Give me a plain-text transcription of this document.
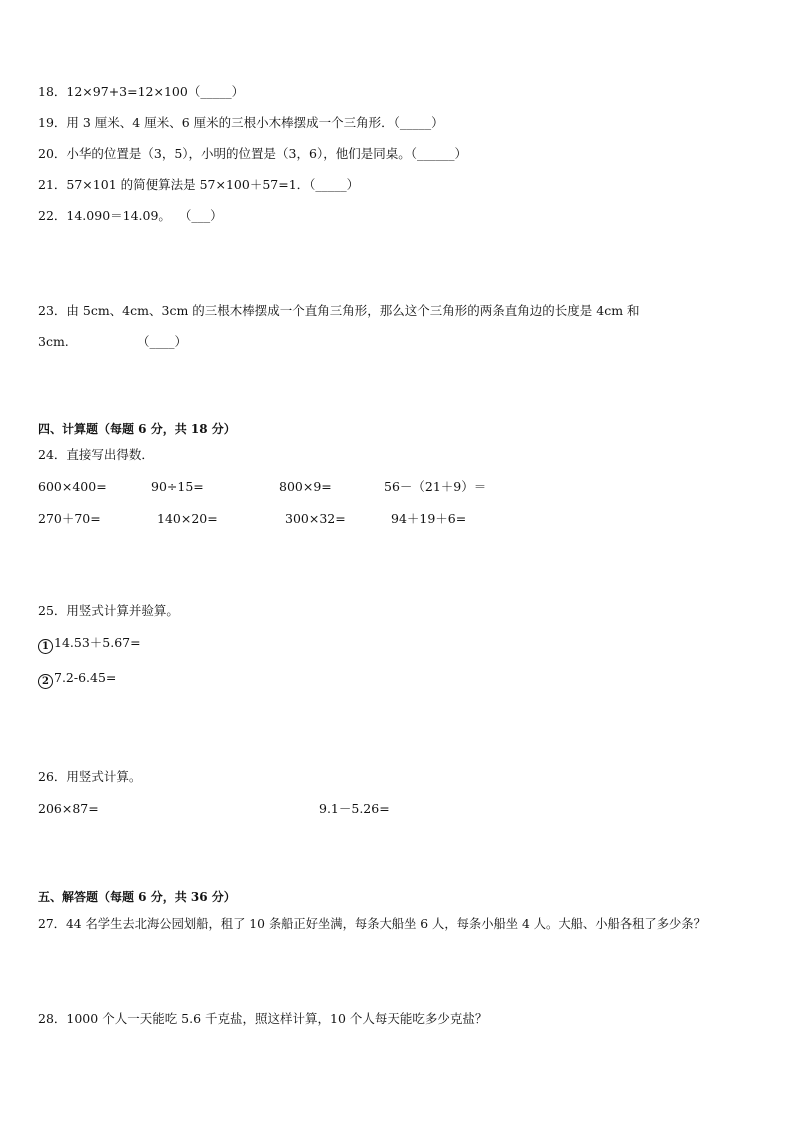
18．12×97+3=12×100（_____）
19．用 3 厘米、4 厘米、6 厘米的三根小木棒摆成一个三角形．（_____）
20．小华的位置是（3，5），小明的位置是（3，6），他们是同桌。（______）
21．57×101 的简便算法是 57×100＋57=1．（_____）
22．14.090＝14.09。  （___）
23．由 5cm、4cm、3cm 的三根木棒摆成一个直角三角形，那么这个三角形的两条直角边的长度是 4cm 和
3cm.	（____）
四、计算题（每题 6 分，共 18 分）
24．直接写出得数．
600×400=	90÷15=	800×9=	56－（21＋9）＝
270＋70=	140×20=	300×32=	94＋19＋6=
25．用竖式计算并验算。
1 14.53＋5.67=
2 7.2-6.45=
26．用竖式计算。
206×87=	9.1－5.26=
五、解答题（每题 6 分，共 36 分）
27．44 名学生去北海公园划船，租了 10 条船正好坐满，每条大船坐 6 人，每条小船坐 4 人。大船、小船各租了多少条？
28．1000 个人一天能吃 5.6 千克盐，照这样计算，10 个人每天能吃多少克盐？
